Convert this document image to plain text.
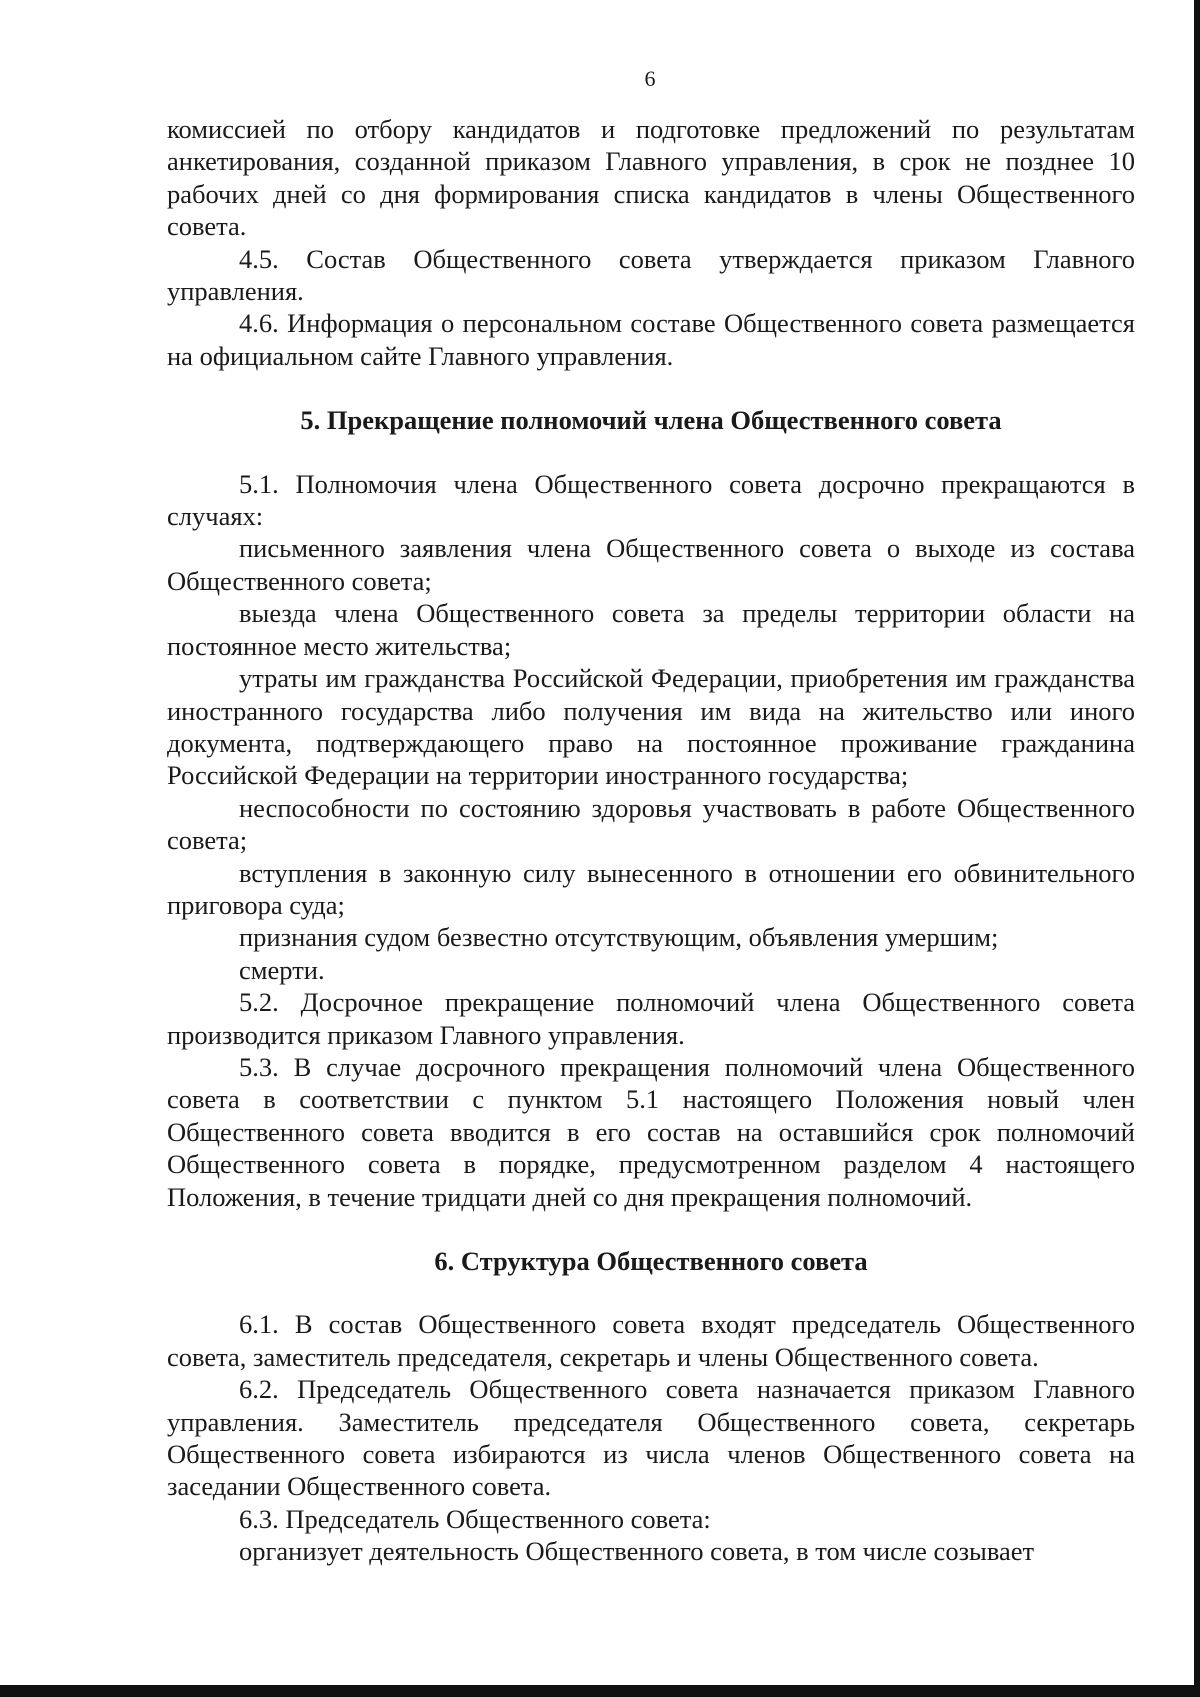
6

комиссией по отбору кандидатов и подготовке предложений по результатам анкетирования, созданной приказом Главного управления, в срок не позднее 10 рабочих дней со дня формирования списка кандидатов в члены Общественного совета.

4.5. Состав Общественного совета утверждается приказом Главного управления.

4.6. Информация о персональном составе Общественного совета размещается на официальном сайте Главного управления.

5. Прекращение полномочий члена Общественного совета

5.1. Полномочия члена Общественного совета досрочно прекращаются в случаях:

письменного заявления члена Общественного совета о выходе из состава Общественного совета;

выезда члена Общественного совета за пределы территории области на постоянное место жительства;

утраты им гражданства Российской Федерации, приобретения им гражданства иностранного государства либо получения им вида на жительство или иного документа, подтверждающего право на постоянное проживание гражданина Российской Федерации на территории иностранного государства;

неспособности по состоянию здоровья участвовать в работе Общественного совета;

вступления в законную силу вынесенного в отношении его обвинительного приговора суда;

признания судом безвестно отсутствующим, объявления умершим;

смерти.

5.2. Досрочное прекращение полномочий члена Общественного совета производится приказом Главного управления.

5.3. В случае досрочного прекращения полномочий члена Общественного совета в соответствии с пунктом 5.1 настоящего Положения новый член Общественного совета вводится в его состав на оставшийся срок полномочий Общественного совета в порядке, предусмотренном разделом 4 настоящего Положения, в течение тридцати дней со дня прекращения полномочий.

6. Структура Общественного совета

6.1. В состав Общественного совета входят председатель Общественного совета, заместитель председателя, секретарь и члены Общественного совета.

6.2. Председатель Общественного совета назначается приказом Главного управления. Заместитель председателя Общественного совета, секретарь Общественного совета избираются из числа членов Общественного совета на заседании Общественного совета.

6.3. Председатель Общественного совета:

организует деятельность Общественного совета, в том числе созывает
